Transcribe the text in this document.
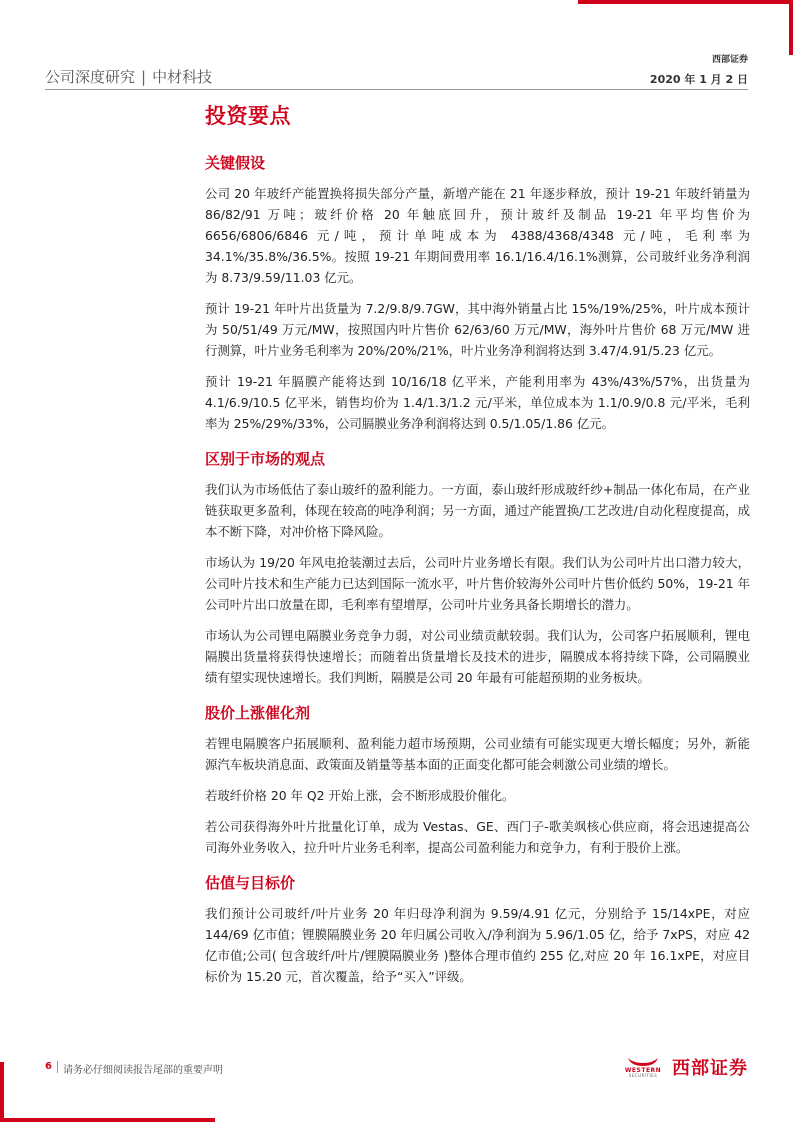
公司深度研究 | 中材科技
西部证券
2020 年 1 月 2 日
投资要点
关键假设

公司 20 年玻纤产能置换将损失部分产量，新增产能在 21 年逐步释放，预计 19-21 年玻纤销量为 86/82/91 万吨；玻纤价格 20 年触底回升，预计玻纤及制品 19-21 年平均售价为 6656/6806/6846 元/吨，预计单吨成本为 4388/4368/4348 元/吨，毛利率为 34.1%/35.8%/36.5%。按照 19-21 年期间费用率 16.1/16.4/16.1%测算，公司玻纤业务净利润为 8.73/9.59/11.03 亿元。

预计 19-21 年叶片出货量为 7.2/9.8/9.7GW，其中海外销量占比 15%/19%/25%，叶片成本预计为 50/51/49 万元/MW，按照国内叶片售价 62/63/60 万元/MW，海外叶片售价 68 万元/MW 进行测算，叶片业务毛利率为 20%/20%/21%，叶片业务净利润将达到 3.47/4.91/5.23 亿元。

预计 19-21 年膈膜产能将达到 10/16/18 亿平米，产能利用率为 43%/43%/57%，出货量为 4.1/6.9/10.5 亿平米，销售均价为 1.4/1.3/1.2 元/平米，单位成本为 1.1/0.9/0.8 元/平米，毛利率为 25%/29%/33%，公司膈膜业务净利润将达到 0.5/1.05/1.86 亿元。

区别于市场的观点

我们认为市场低估了泰山玻纤的盈利能力。一方面，泰山玻纤形成玻纤纱+制品一体化布局，在产业链获取更多盈利，体现在较高的吨净利润；另一方面，通过产能置换/工艺改进/自动化程度提高，成本不断下降，对冲价格下降风险。

市场认为 19/20 年风电抢装潮过去后，公司叶片业务增长有限。我们认为公司叶片出口潜力较大，公司叶片技术和生产能力已达到国际一流水平，叶片售价较海外公司叶片售价低约 50%，19-21 年公司叶片出口放量在即，毛利率有望增厚，公司叶片业务具备长期增长的潜力。

市场认为公司锂电隔膜业务竞争力弱，对公司业绩贡献较弱。我们认为，公司客户拓展顺利，锂电隔膜出货量将获得快速增长；而随着出货量增长及技术的进步，隔膜成本将持续下降，公司隔膜业绩有望实现快速增长。我们判断，隔膜是公司 20 年最有可能超预期的业务板块。

股价上涨催化剂

若锂电隔膜客户拓展顺利、盈利能力超市场预期，公司业绩有可能实现更大增长幅度；另外，新能源汽车板块消息面、政策面及销量等基本面的正面变化都可能会刺激公司业绩的增长。

若玻纤价格 20 年 Q2 开始上涨，会不断形成股价催化。

若公司获得海外叶片批量化订单，成为 Vestas、GE、西门子-歌美飒核心供应商，将会迅速提高公司海外业务收入，拉升叶片业务毛利率，提高公司盈利能力和竞争力，有利于股价上涨。

估值与目标价

我们预计公司玻纤/叶片业务 20 年归母净利润为 9.59/4.91 亿元，分别给予 15/14xPE，对应 144/69 亿市值；锂膜隔膜业务 20 年归属公司收入/净利润为 5.96/1.05 亿，给予 7xPS，对应 42 亿市值;公司( 包含玻纤/叶片/锂膜隔膜业务 )整体合理市值约 255 亿,对应 20 年 16.1xPE，对应目标价为 15.20 元，首次覆盖，给予“买入”评级。

6 请务必仔细阅读报告尾部的重要声明	WESTERN
SECURITIES 西部证券
